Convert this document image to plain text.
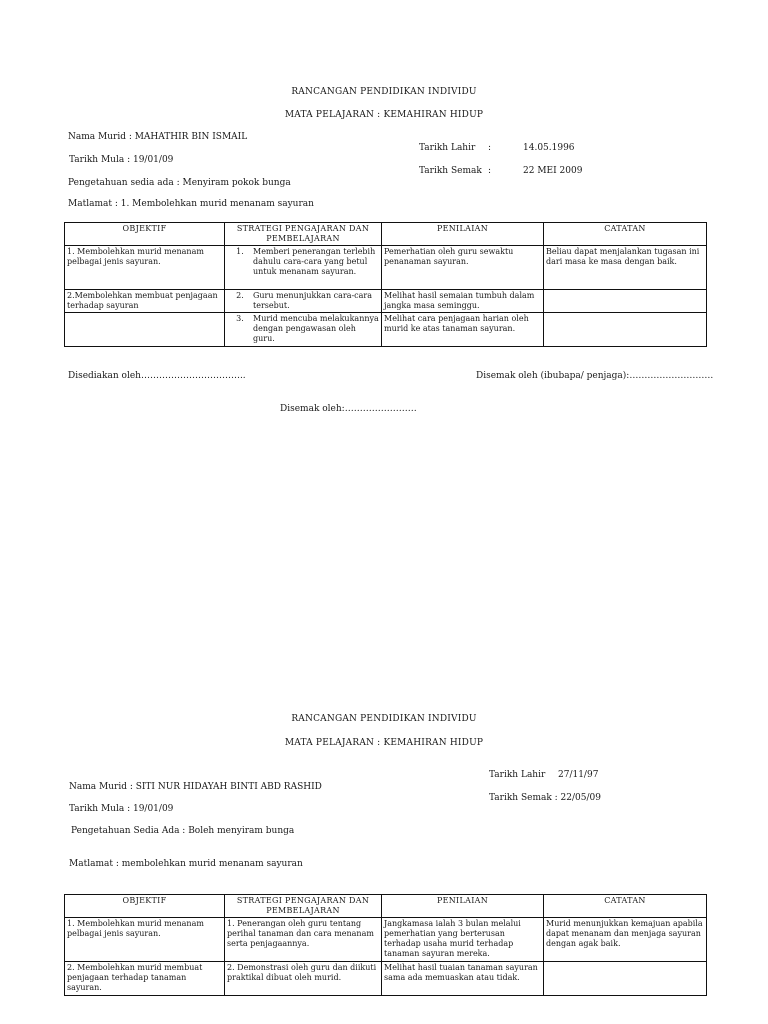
RANCANGAN PENDIDIKAN INDIVIDU
MATA PELAJARAN : KEMAHIRAN HIDUP
Nama Murid : MAHATHIR BIN ISMAIL
Tarikh Mula : 19/01/09
Pengetahuan sedia ada : Menyiram pokok bunga
Matlamat : 1. Membolehkan murid menanam sayuran
Tarikh Lahir :	14.05.1996
Tarikh Semak :	22 MEI 2009
OBJEKTIF	STRATEGI PENGAJARAN DAN PEMBELAJARAN	PENILAIAN	CATATAN
1. Membolehkan murid menanam pelbagai jenis sayuran.	1. Memberi penerangan terlebih dahulu cara-cara yang betul untuk menanam sayuran.	Pemerhatian oleh guru sewaktu penanaman sayuran.	Beliau dapat menjalankan tugasan ini dari masa ke masa dengan baik.
2.Membolehkan membuat penjagaan terhadap sayuran	2. Guru menunjukkan cara-cara tersebut.	Melihat hasil semaian tumbuh dalam jangka masa seminggu.	

	3. Murid mencuba melakukannya dengan pengawasan oleh guru.	Melihat cara penjagaan harian oleh murid ke atas tanaman sayuran.	
Disediakan oleh……………………………..	Disemak oleh (ibubapa/ penjaga):……………………….
Disemak oleh:……………………
RANCANGAN PENDIDIKAN INDIVIDU
MATA PELAJARAN : KEMAHIRAN HIDUP
Tarikh Lahir 27/11/97
Nama Murid : SITI NUR HIDAYAH BINTI ABD RASHID
Tarikh Semak : 22/05/09
Tarikh Mula : 19/01/09
Pengetahuan Sedia Ada : Boleh menyiram bunga
Matlamat : membolehkan murid menanam sayuran
OBJEKTIF	STRATEGI PENGAJARAN DAN PEMBELAJARAN	PENILAIAN	CATATAN
1. Membolehkan murid menanam pelbagai jenis sayuran.	1. Penerangan oleh guru tentang perihal tanaman dan cara menanam serta penjagaannya.	Jangkamasa ialah 3 bulan melalui pemerhatian yang berterusan terhadap usaha murid terhadap tanaman sayuran mereka.	Murid menunjukkan kemajuan apabila dapat menanam dan menjaga sayuran dengan agak baik.
2. Membolehkan murid membuat penjagaan terhadap tanaman sayuran.	2. Demonstrasi oleh guru dan diikuti praktikal dibuat oleh murid.	Melihat hasil tuaian tanaman sayuran sama ada memuaskan atau tidak.	
